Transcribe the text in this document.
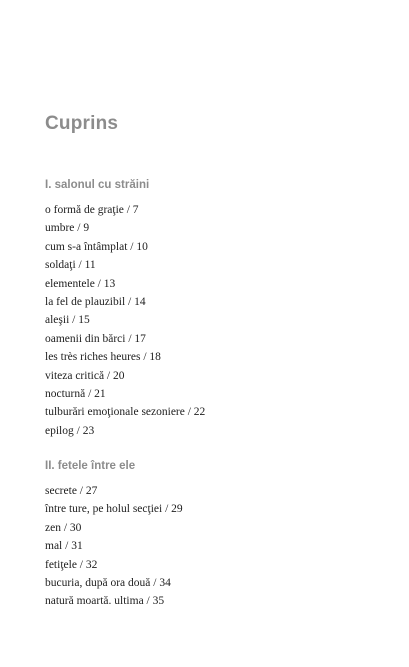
Cuprins
I. salonul cu străini
o formă de graţie / 7
umbre / 9
cum s-a întâmplat / 10
soldaţi / 11
elementele / 13
la fel de plauzibil / 14
aleşii / 15
oamenii din bărci / 17
les très riches heures / 18
viteza critică / 20
nocturnă / 21
tulburări emoţionale sezoniere / 22
epilog / 23
II. fetele între ele
secrete / 27
între ture, pe holul secţiei / 29
zen / 30
mal / 31
fetiţele / 32
bucuria, după ora două / 34
natură moartă. ultima / 35
